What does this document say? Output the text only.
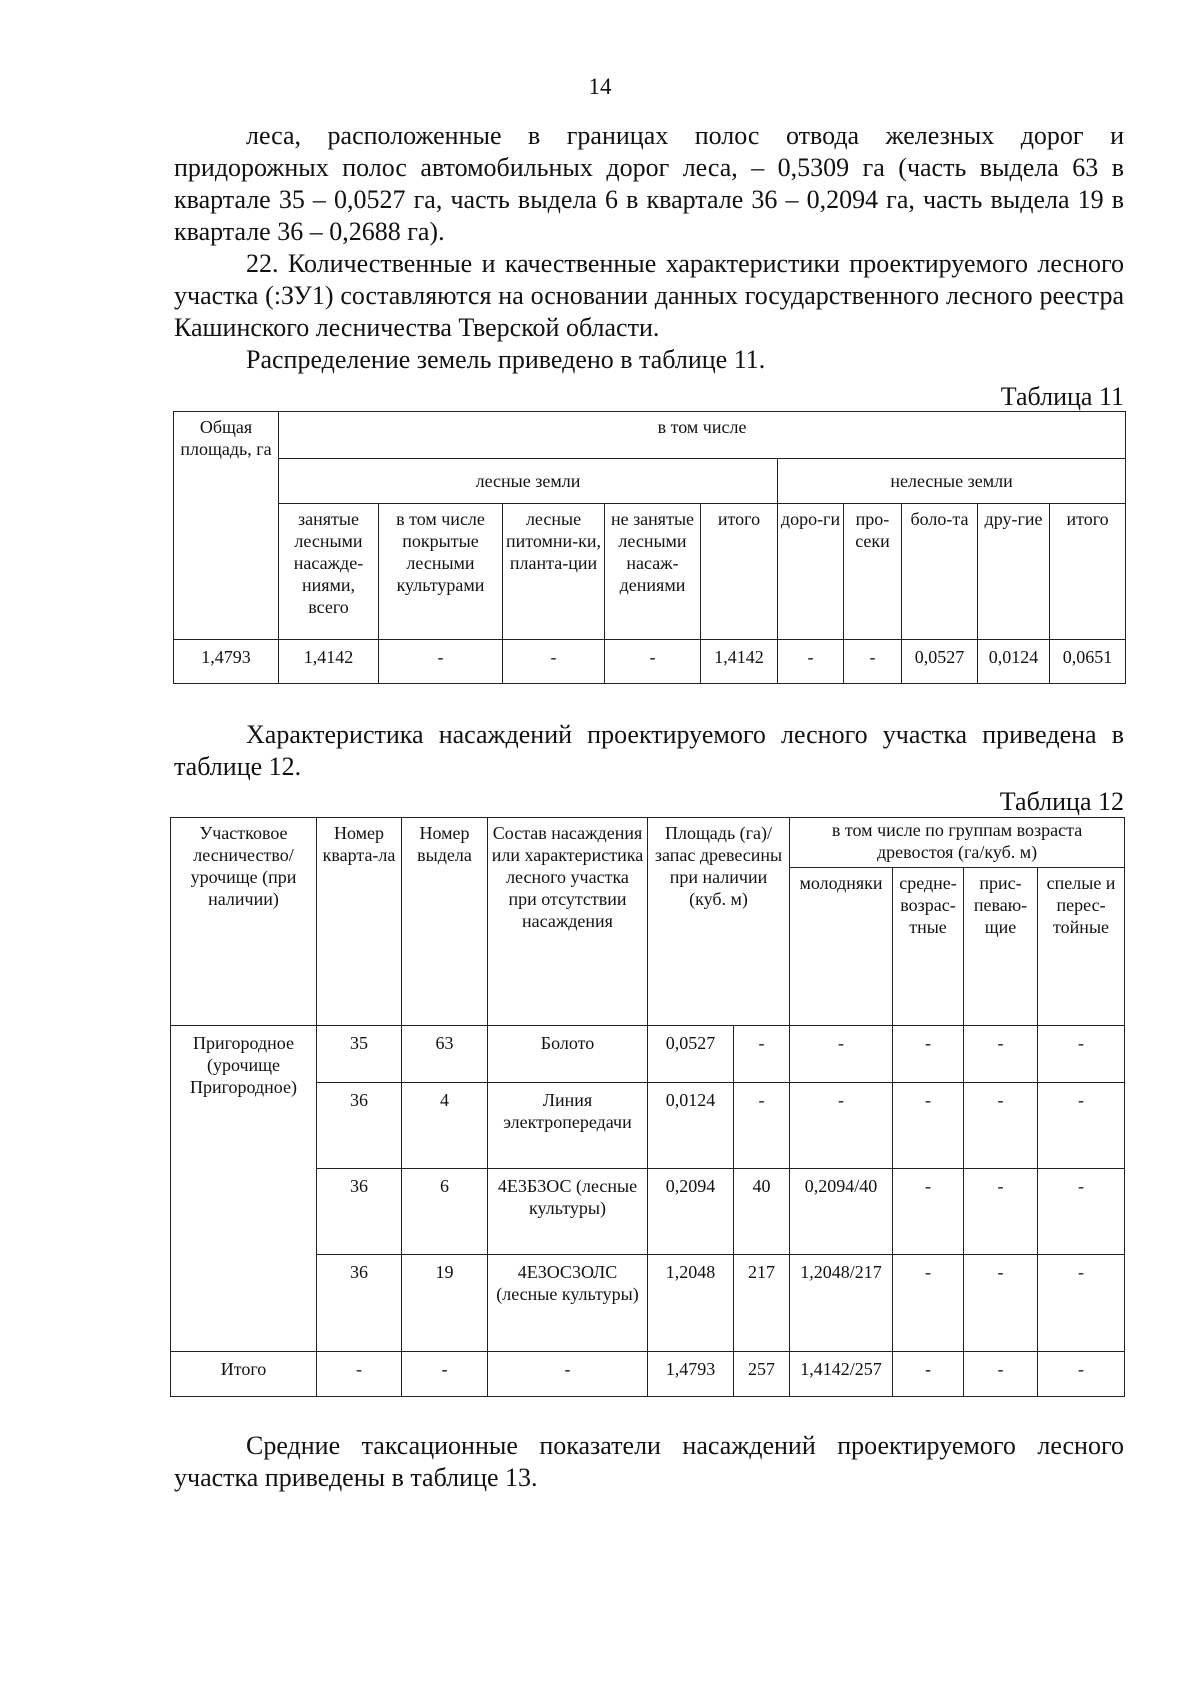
14
леса, расположенные в границах полос отвода железных дорог и придорожных полос автомобильных дорог леса, – 0,5309 га (часть выдела 63 в квартале 35 – 0,0527 га, часть выдела 6 в квартале 36 – 0,2094 га, часть выдела 19 в квартале 36 – 0,2688 га).
22. Количественные и качественные характеристики проектируемого лесного участка (:ЗУ1) составляются на основании данных государственного лесного реестра Кашинского лесничества Тверской области.
Распределение земель приведено в таблице 11.
Таблица 11
Общая площадь, га	в том числе									
	лесные земли					нелесные земли				
	занятые лесными насажде-ниями, всего	в том числе покрытые лесными культурами	лесные питомни-ки, планта-ции	не занятые лесными насаж-дениями	итого	доро-ги	про-секи	боло-та	дру-гие	итого
1,4793	1,4142	-	-	-	1,4142	-	-	0,0527	0,0124	0,0651
Характеристика насаждений проектируемого лесного участка приведена в таблице 12.
Таблица 12
Участковое лесничество/ урочище (при наличии)	Номер кварта-ла	Номер выдела	Состав насаждения или характеристика лесного участка при отсутствии насаждения	Площадь (га)/запас древесины при наличии (куб. м)		в том числе по группам возраста древостоя (га/куб. м)			
						молодняки	средне-возрас-тные	прис-певаю-щие	спелые и перес-тойные
Пригородное (урочище Пригородное)	35	63	Болото	0,0527	-	-	-	-	-
	36	4	Линия электропередачи	0,0124	-	-	-	-	-
	36	6	4Е3Б3ОС (лесные культуры)	0,2094	40	0,2094/40	-	-	-
	36	19	4Е3ОС3ОЛС (лесные культуры)	1,2048	217	1,2048/217	-	-	-
Итого	-	-	-	1,4793	257	1,4142/257	-	-	-
Средние таксационные показатели насаждений проектируемого лесного участка приведены в таблице 13.
